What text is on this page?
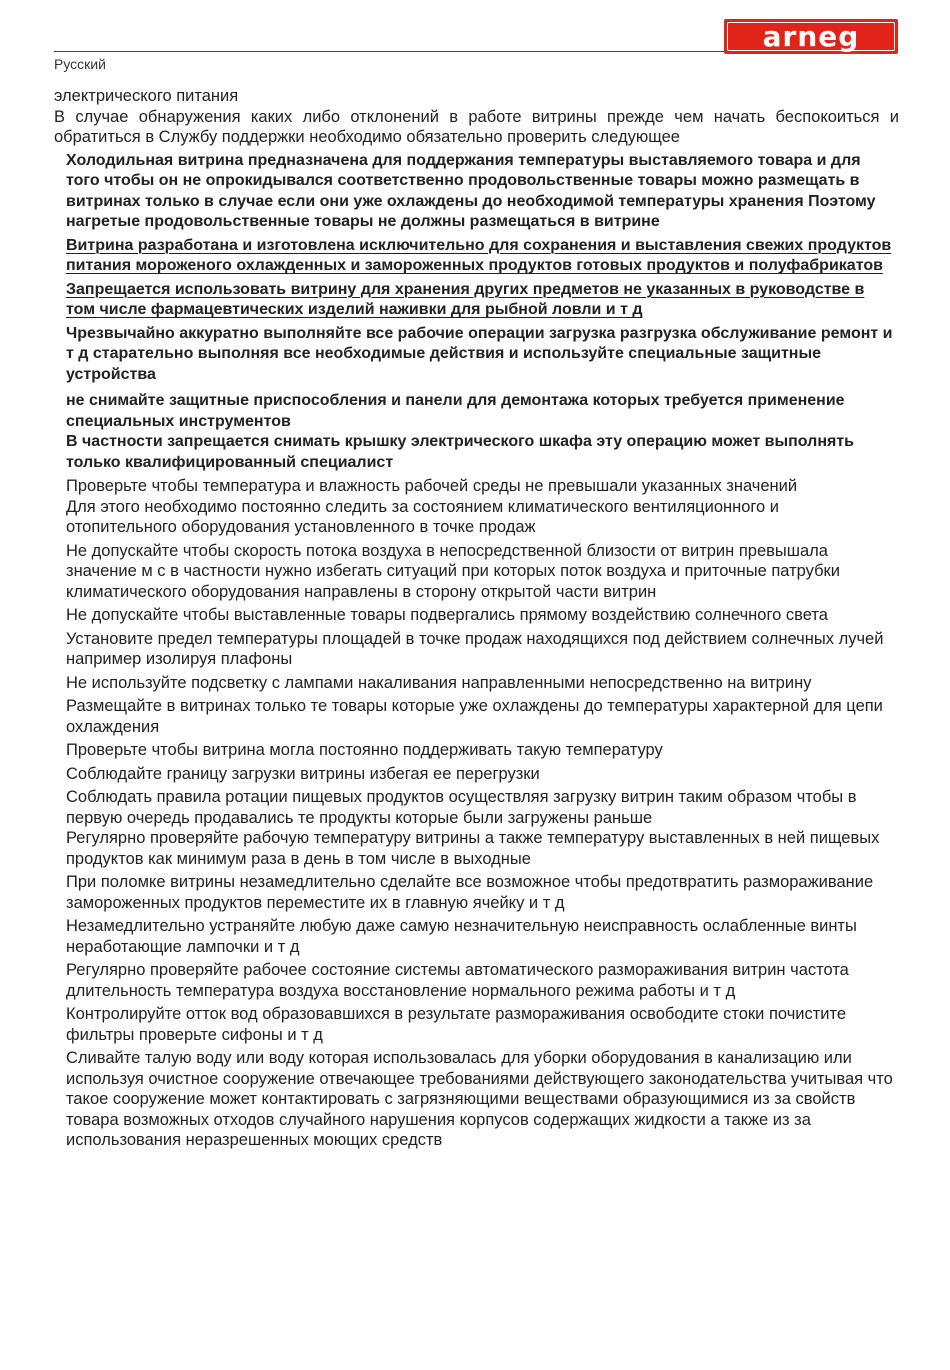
arneg
Русский

электрического питания

В случае обнаружения каких либо отклонений в работе витрины прежде чем начать беспокоиться и обратиться в Службу поддержки необходимо обязательно проверить следующее

Холодильная витрина предназначена для поддержания температуры выставляемого товара и для того чтобы он не опрокидывался соответственно продовольственные товары можно размещать в витринах только в случае если они уже охлаждены до необходимой температуры хранения Поэтому нагретые продовольственные товары не должны размещаться в витрине

Витрина разработана и изготовлена исключительно для сохранения и выставления свежих продуктов питания мороженого охлажденных и замороженных продуктов готовых продуктов и полуфабрикатов

Запрещается использовать витрину для хранения других предметов не указанных в руководстве в том числе фармацевтических изделий наживки для рыбной ловли и т д

Чрезвычайно аккуратно выполняйте все рабочие операции загрузка разгрузка обслуживание ремонт и т д старательно выполняя все необходимые действия и используйте специальные защитные устройства

не снимайте защитные приспособления и панели для демонтажа которых требуется применение специальных инструментов

В частности запрещается снимать крышку электрического шкафа эту операцию может выполнять только квалифицированный специалист

Проверьте чтобы температура и влажность рабочей среды не превышали указанных значений

Для этого необходимо постоянно следить за состоянием климатического вентиляционного и отопительного оборудования установленного в точке продаж

Не допускайте чтобы скорость потока воздуха в непосредственной близости от витрин превышала значение м с в частности нужно избегать ситуаций при которых поток воздуха и приточные патрубки климатического оборудования направлены в сторону открытой части витрин

Не допускайте чтобы выставленные товары подвергались прямому воздействию солнечного света

Установите предел температуры площадей в точке продаж находящихся под действием солнечных лучей например изолируя плафоны

Не используйте подсветку с лампами накаливания направленными непосредственно на витрину

Размещайте в витринах только те товары которые уже охлаждены до температуры характерной для цепи охлаждения

Проверьте чтобы витрина могла постоянно поддерживать такую температуру

Соблюдайте границу загрузки витрины избегая ее перегрузки

Соблюдать правила ротации пищевых продуктов осуществляя загрузку витрин таким образом чтобы в первую очередь продавались те продукты которые были загружены раньше

Регулярно проверяйте рабочую температуру витрины а также температуру выставленных в ней пищевых продуктов как минимум раза в день в том числе в выходные

При поломке витрины незамедлительно сделайте все возможное чтобы предотвратить размораживание замороженных продуктов переместите их в главную ячейку и т д

Незамедлительно устраняйте любую даже самую незначительную неисправность ослабленные винты неработающие лампочки и т д

Регулярно проверяйте рабочее состояние системы автоматического размораживания витрин частота длительность температура воздуха восстановление нормального режима работы и т д

Контролируйте отток вод образовавшихся в результате размораживания освободите стоки почистите фильтры проверьте сифоны и т д

Сливайте талую воду или воду которая использовалась для уборки оборудования в канализацию или используя очистное сооружение отвечающее требованиями действующего законодательства учитывая что такое сооружение может контактировать с загрязняющими веществами образующимися из за свойств товара возможных отходов случайного нарушения корпусов содержащих жидкости а также из за использования неразрешенных моющих средств
